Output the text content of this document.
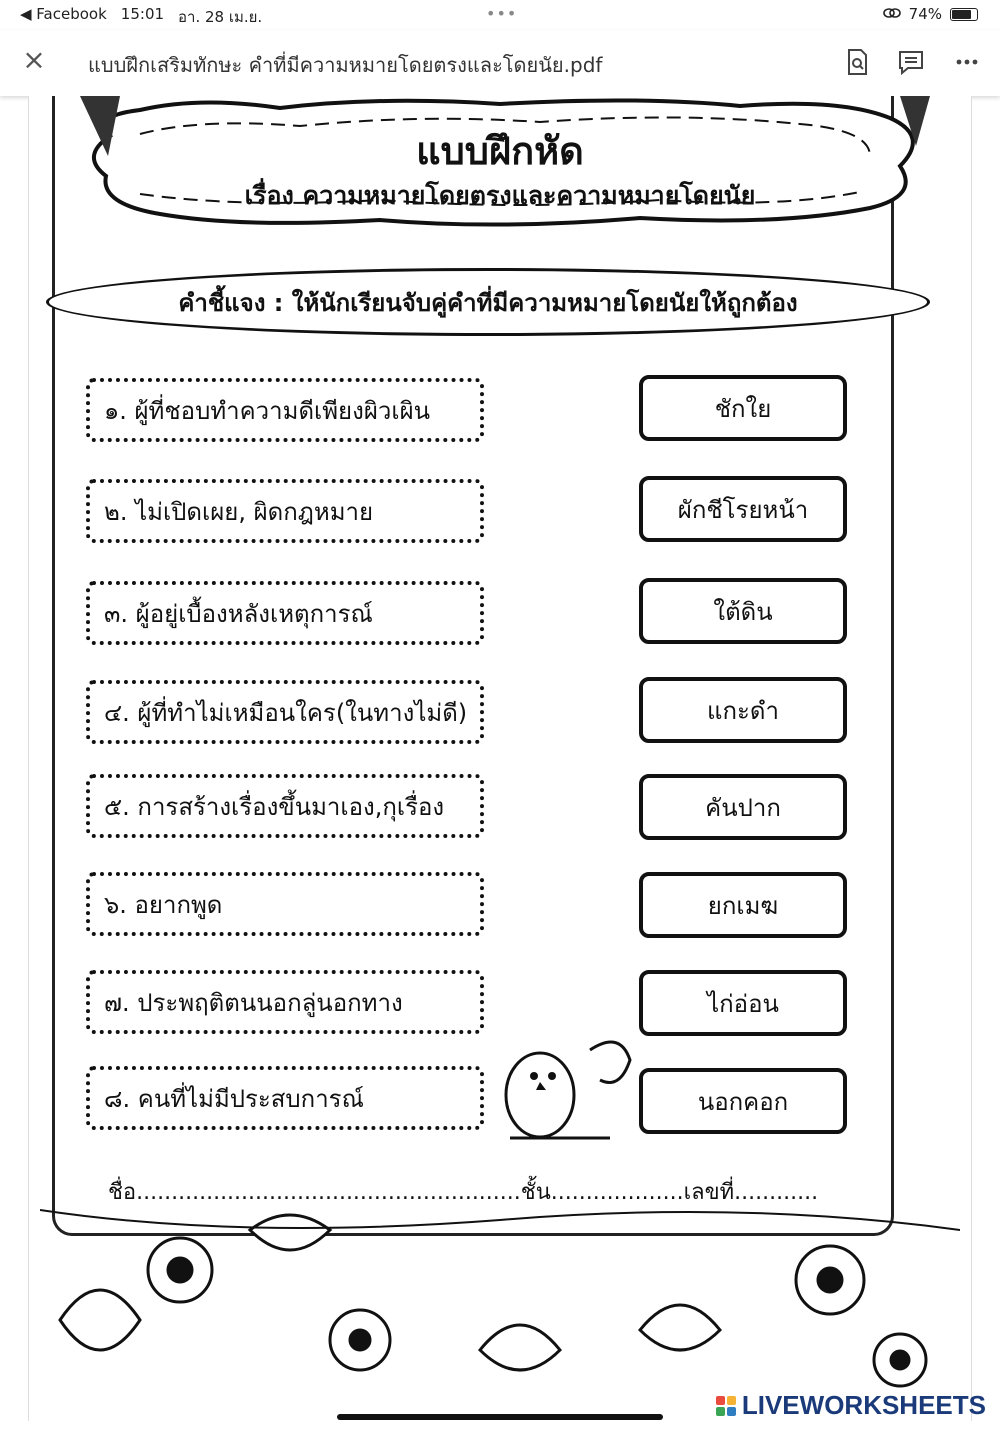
◀ Facebook 15:01 อา. 28 เม.ย.	•••	74%
× แบบฝึกเสริมทักษะ คำที่มีความหมายโดยตรงและโดยนัย.pdf
แบบฝึกหัด
เรื่อง ความหมายโดยตรงและความหมายโดยนัย
คำชี้แจง : ให้นักเรียนจับคู่คำที่มีความหมายโดยนัยให้ถูกต้อง
๑. ผู้ที่ชอบทำความดีเพียงผิวเผิน
๒. ไม่เปิดเผย, ผิดกฎหมาย
๓. ผู้อยู่เบื้องหลังเหตุการณ์
๔. ผู้ที่ทำไม่เหมือนใคร(ในทางไม่ดี)
๕. การสร้างเรื่องขึ้นมาเอง,กุเรื่อง
๖. อยากพูด
๗. ประพฤติตนนอกลู่นอกทาง
๘. คนที่ไม่มีประสบการณ์
ชักใย
ผักชีโรยหน้า
ใต้ดิน
แกะดำ
คันปาก
ยกเมฆ
ไก่อ่อน
นอกคอก
ชื่อ.......................................................ชั้น...................เลขที่............
LIVEWORKSHEETS
